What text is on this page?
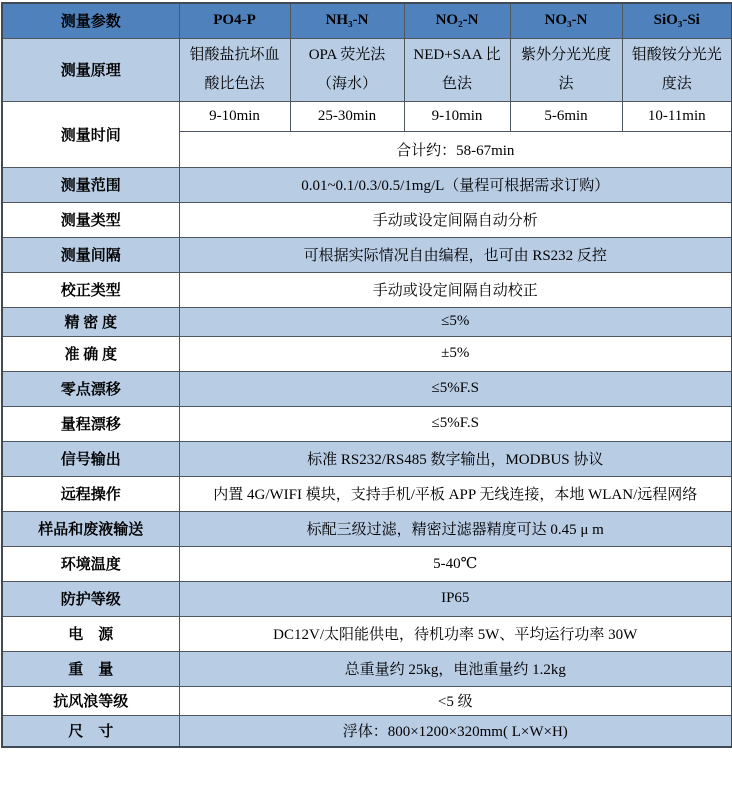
测量参数	PO4-P	NH₃-N	NO₂-N	NO₃-N	SiO₃-Si
测量原理	钼酸盐抗坏血酸比色法	OPA 荧光法（海水）	NED+SAA 比色法	紫外分光光度法	钼酸铵分光光度法
测量时间	9-10min	25-30min	9-10min	5-6min	10-11min
	合计约：58-67min				
测量范围	0.01~0.1/0.3/0.5/1mg/L（量程可根据需求订购）				
测量类型	手动或设定间隔自动分析				
测量间隔	可根据实际情况自由编程，也可由 RS232 反控				
校正类型	手动或设定间隔自动校正				
精 密 度	≤5%				
准 确 度	±5%				
零点漂移	≤5%F.S				
量程漂移	≤5%F.S				
信号输出	标准 RS232/RS485 数字输出，MODBUS 协议				
远程操作	内置 4G/WIFI 模块，支持手机/平板 APP 无线连接，本地 WLAN/远程网络				
样品和废液输送	标配三级过滤，精密过滤器精度可达 0.45 μ m				
环境温度	5-40℃				
防护等级	IP65				
电　源	DC12V/太阳能供电，待机功率 5W、平均运行功率 30W				
重　量	总重量约 25kg，电池重量约 1.2kg				
抗风浪等级	<5 级				
尺　寸	浮体：800×1200×320mm( L×W×H)				
